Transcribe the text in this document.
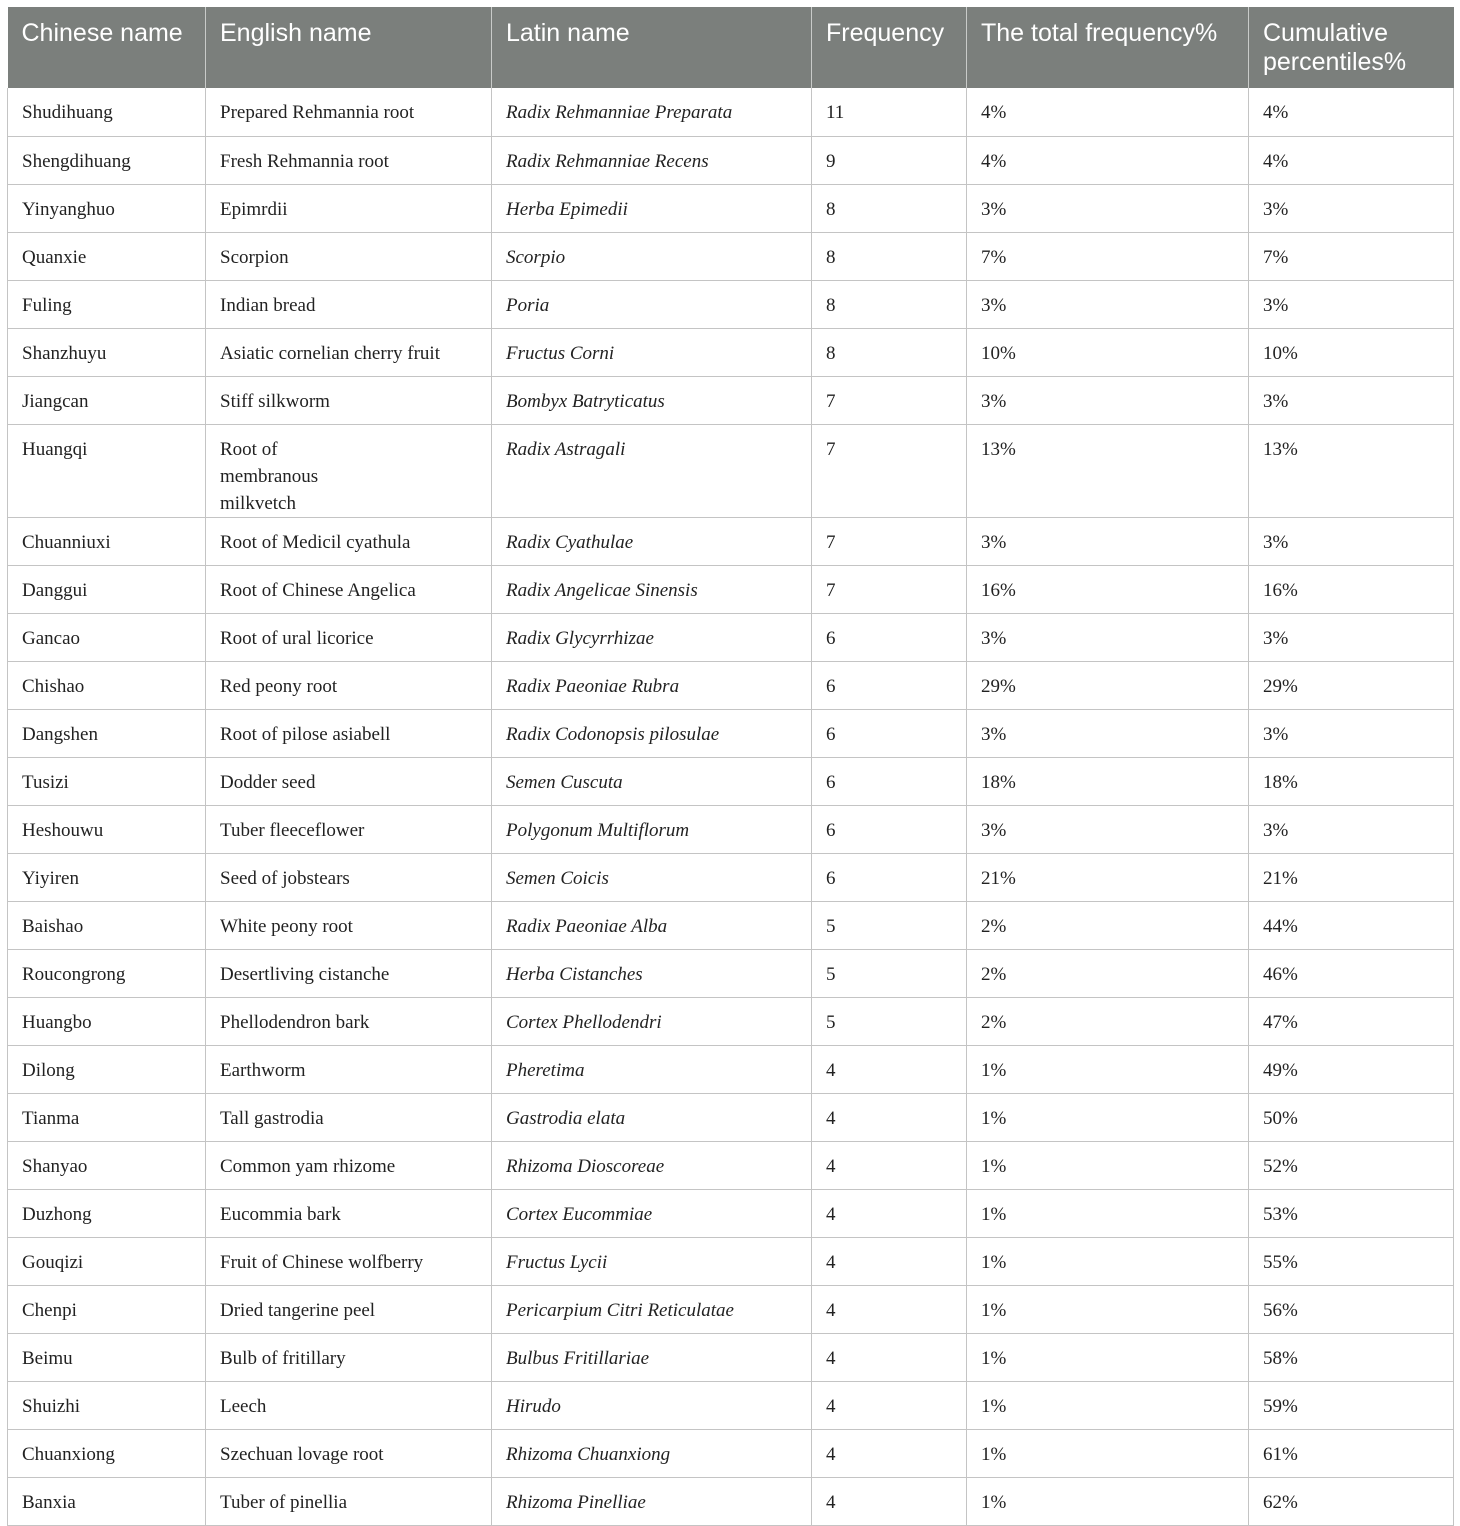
Chinese name	English name	Latin name	Frequency	The total frequency%	Cumulative percentiles%
Shudihuang	Prepared Rehmannia root	Radix Rehmanniae Preparata	11	4%	4%
Shengdihuang	Fresh Rehmannia root	Radix Rehmanniae Recens	9	4%	4%
Yinyanghuo	Epimrdii	Herba Epimedii	8	3%	3%
Quanxie	Scorpion	Scorpio	8	7%	7%
Fuling	Indian bread	Poria	8	3%	3%
Shanzhuyu	Asiatic cornelian cherry fruit	Fructus Corni	8	10%	10%
Jiangcan	Stiff silkworm	Bombyx Batryticatus	7	3%	3%
Huangqi	Root of membranous milkvetch	Radix Astragali	7	13%	13%
Chuanniuxi	Root of Medicil cyathula	Radix Cyathulae	7	3%	3%
Danggui	Root of Chinese Angelica	Radix Angelicae Sinensis	7	16%	16%
Gancao	Root of ural licorice	Radix Glycyrrhizae	6	3%	3%
Chishao	Red peony root	Radix Paeoniae Rubra	6	29%	29%
Dangshen	Root of pilose asiabell	Radix Codonopsis pilosulae	6	3%	3%
Tusizi	Dodder seed	Semen Cuscuta	6	18%	18%
Heshouwu	Tuber fleeceflower	Polygonum Multiflorum	6	3%	3%
Yiyiren	Seed of jobstears	Semen Coicis	6	21%	21%
Baishao	White peony root	Radix Paeoniae Alba	5	2%	44%
Roucongrong	Desertliving cistanche	Herba Cistanches	5	2%	46%
Huangbo	Phellodendron bark	Cortex Phellodendri	5	2%	47%
Dilong	Earthworm	Pheretima	4	1%	49%
Tianma	Tall gastrodia	Gastrodia elata	4	1%	50%
Shanyao	Common yam rhizome	Rhizoma Dioscoreae	4	1%	52%
Duzhong	Eucommia bark	Cortex Eucommiae	4	1%	53%
Gouqizi	Fruit of Chinese wolfberry	Fructus Lycii	4	1%	55%
Chenpi	Dried tangerine peel	Pericarpium Citri Reticulatae	4	1%	56%
Beimu	Bulb of fritillary	Bulbus Fritillariae	4	1%	58%
Shuizhi	Leech	Hirudo	4	1%	59%
Chuanxiong	Szechuan lovage root	Rhizoma Chuanxiong	4	1%	61%
Banxia	Tuber of pinellia	Rhizoma Pinelliae	4	1%	62%
